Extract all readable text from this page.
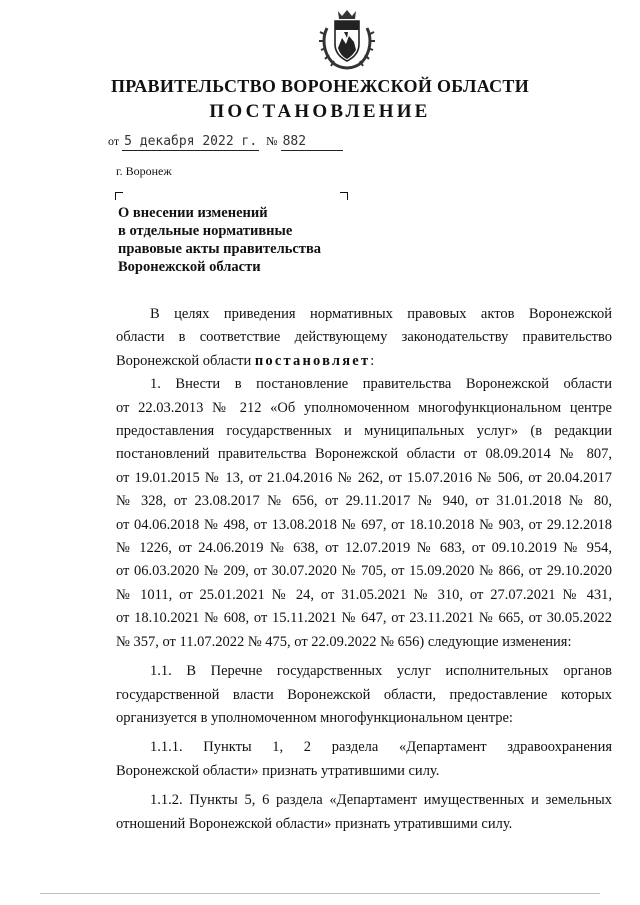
ПРАВИТЕЛЬСТВО ВОРОНЕЖСКОЙ ОБЛАСТИ
ПОСТАНОВЛЕНИЕ
от 5 декабря 2022 г. № 882
г. Воронеж
О внесении изменений
в отдельные нормативные
правовые акты правительства
Воронежской области

В целях приведения нормативных правовых актов Воронежской

области в соответствие действующему законодательству правительство

Воронежской области постановляет:

1. Внести в постановление правительства Воронежской области

от 22.03.2013 № 212 «Об уполномоченном многофункциональном центре

предоставления государственных и муниципальных услуг» (в редакции

постановлений правительства Воронежской области от 08.09.2014 № 807,

от 19.01.2015 № 13, от 21.04.2016 № 262, от 15.07.2016 № 506, от 20.04.2017

№ 328, от 23.08.2017 № 656, от 29.11.2017 № 940, от 31.01.2018 № 80,

от 04.06.2018 № 498, от 13.08.2018 № 697, от 18.10.2018 № 903, от 29.12.2018

№ 1226, от 24.06.2019 № 638, от 12.07.2019 № 683, от 09.10.2019 № 954,

от 06.03.2020 № 209, от 30.07.2020 № 705, от 15.09.2020 № 866, от 29.10.2020

№ 1011, от 25.01.2021 № 24, от 31.05.2021 № 310, от 27.07.2021 № 431,

от 18.10.2021 № 608, от 15.11.2021 № 647, от 23.11.2021 № 665, от 30.05.2022

№ 357, от 11.07.2022 № 475, от 22.09.2022 № 656) следующие изменения:

1.1. В Перечне государственных услуг исполнительных органов

государственной власти Воронежской области, предоставление которых

организуется в уполномоченном многофункциональном центре:

1.1.1. Пункты 1, 2 раздела «Департамент здравоохранения

Воронежской области» признать утратившими силу.

1.1.2. Пункты 5, 6 раздела «Департамент имущественных и земельных

отношений Воронежской области» признать утратившими силу.
